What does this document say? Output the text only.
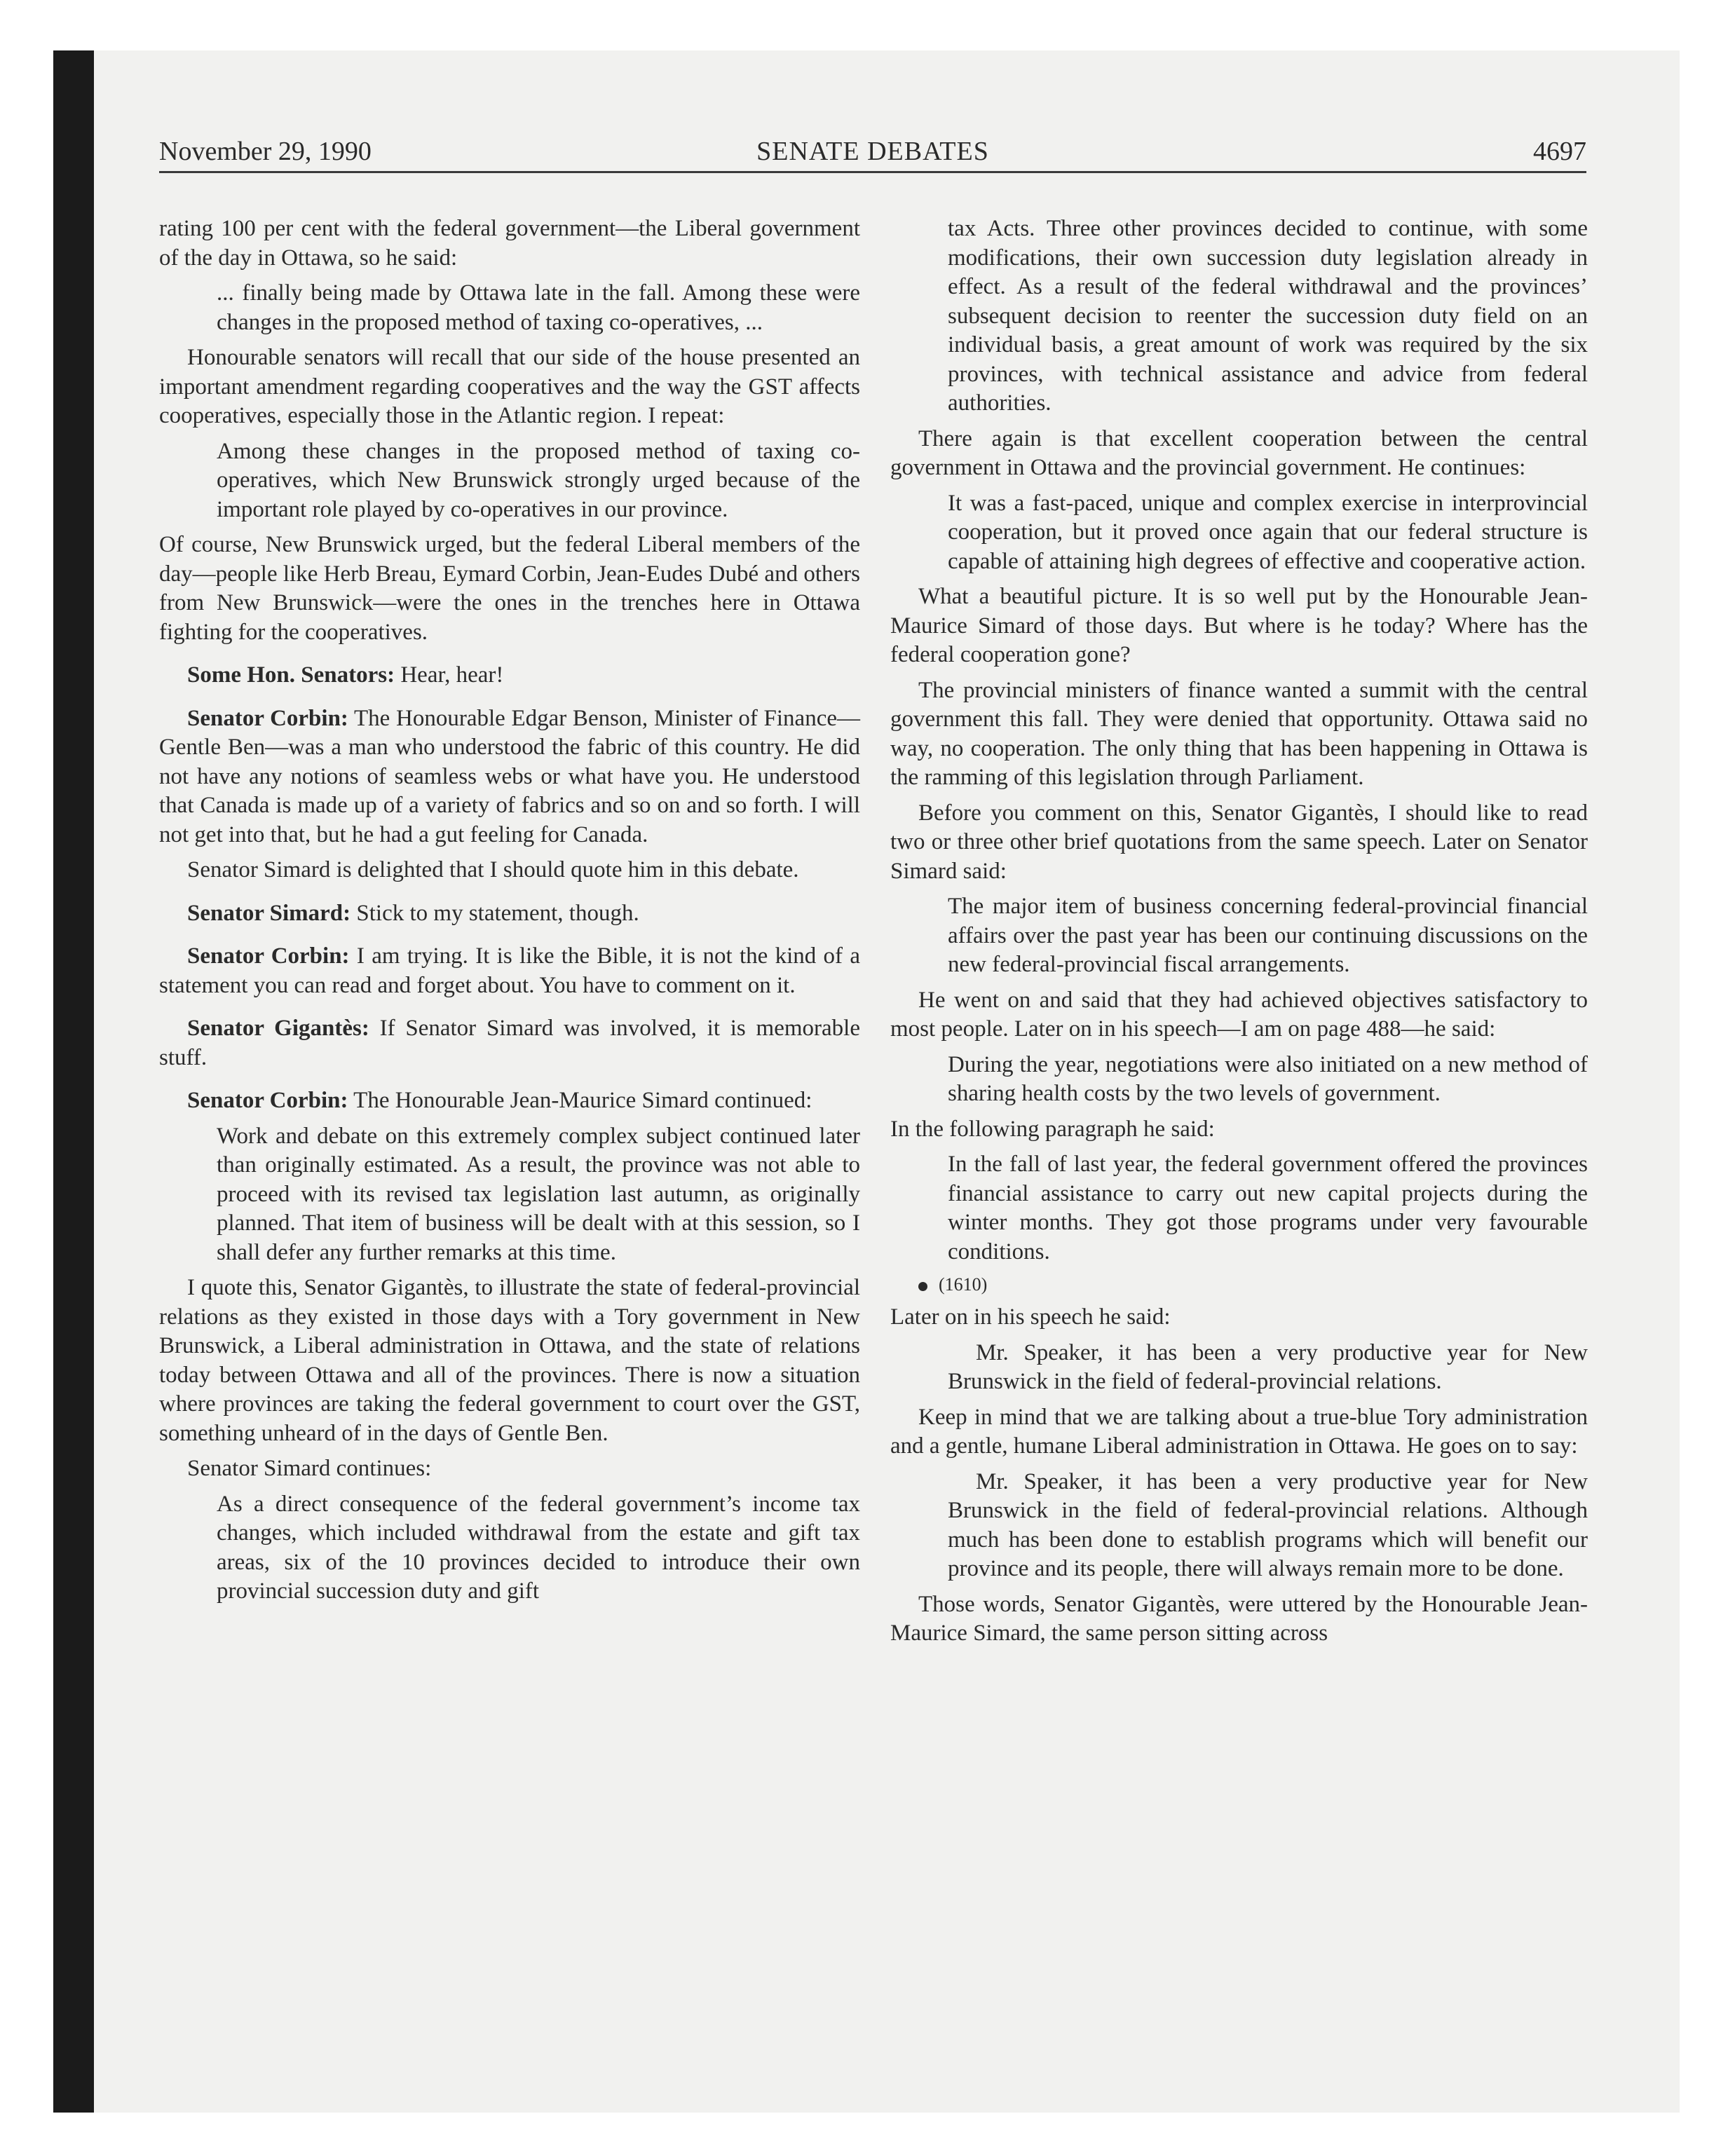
November 29, 1990	SENATE DEBATES	4697

rating 100 per cent with the federal government—the Liberal government of the day in Ottawa, so he said:

... finally being made by Ottawa late in the fall. Among these were changes in the proposed method of taxing co-operatives, ...

Honourable senators will recall that our side of the house presented an important amendment regarding cooperatives and the way the GST affects cooperatives, especially those in the Atlantic region. I repeat:

Among these changes in the proposed method of taxing co-operatives, which New Brunswick strongly urged because of the important role played by co-operatives in our province.

Of course, New Brunswick urged, but the federal Liberal members of the day—people like Herb Breau, Eymard Corbin, Jean-Eudes Dubé and others from New Brunswick—were the ones in the trenches here in Ottawa fighting for the cooperatives.

Some Hon. Senators: Hear, hear!

Senator Corbin: The Honourable Edgar Benson, Minister of Finance—Gentle Ben—was a man who understood the fabric of this country. He did not have any notions of seamless webs or what have you. He understood that Canada is made up of a variety of fabrics and so on and so forth. I will not get into that, but he had a gut feeling for Canada.

Senator Simard is delighted that I should quote him in this debate.

Senator Simard: Stick to my statement, though.

Senator Corbin: I am trying. It is like the Bible, it is not the kind of a statement you can read and forget about. You have to comment on it.

Senator Gigantès: If Senator Simard was involved, it is memorable stuff.

Senator Corbin: The Honourable Jean-Maurice Simard continued:

Work and debate on this extremely complex subject continued later than originally estimated. As a result, the province was not able to proceed with its revised tax legislation last autumn, as originally planned. That item of business will be dealt with at this session, so I shall defer any further remarks at this time.

I quote this, Senator Gigantès, to illustrate the state of federal-provincial relations as they existed in those days with a Tory government in New Brunswick, a Liberal administration in Ottawa, and the state of relations today between Ottawa and all of the provinces. There is now a situation where provinces are taking the federal government to court over the GST, something unheard of in the days of Gentle Ben.

Senator Simard continues:

As a direct consequence of the federal government’s income tax changes, which included withdrawal from the estate and gift tax areas, six of the 10 provinces decided to introduce their own provincial succession duty and gift

tax Acts. Three other provinces decided to continue, with some modifications, their own succession duty legislation already in effect. As a result of the federal withdrawal and the provinces’ subsequent decision to reenter the succession duty field on an individual basis, a great amount of work was required by the six provinces, with technical assistance and advice from federal authorities.

There again is that excellent cooperation between the central government in Ottawa and the provincial government. He continues:

It was a fast-paced, unique and complex exercise in interprovincial cooperation, but it proved once again that our federal structure is capable of attaining high degrees of effective and cooperative action.

What a beautiful picture. It is so well put by the Honourable Jean-Maurice Simard of those days. But where is he today? Where has the federal cooperation gone?

The provincial ministers of finance wanted a summit with the central government this fall. They were denied that opportunity. Ottawa said no way, no cooperation. The only thing that has been happening in Ottawa is the ramming of this legislation through Parliament.

Before you comment on this, Senator Gigantès, I should like to read two or three other brief quotations from the same speech. Later on Senator Simard said:

The major item of business concerning federal-provincial financial affairs over the past year has been our continuing discussions on the new federal-provincial fiscal arrangements.

He went on and said that they had achieved objectives satisfactory to most people. Later on in his speech—I am on page 488—he said:

During the year, negotiations were also initiated on a new method of sharing health costs by the two levels of government.

In the following paragraph he said:

In the fall of last year, the federal government offered the provinces financial assistance to carry out new capital projects during the winter months. They got those programs under very favourable conditions.

(1610)

Later on in his speech he said:

Mr. Speaker, it has been a very productive year for New Brunswick in the field of federal-provincial relations.

Keep in mind that we are talking about a true-blue Tory administration and a gentle, humane Liberal administration in Ottawa. He goes on to say:

Mr. Speaker, it has been a very productive year for New Brunswick in the field of federal-provincial relations. Although much has been done to establish programs which will benefit our province and its people, there will always remain more to be done.

Those words, Senator Gigantès, were uttered by the Honourable Jean-Maurice Simard, the same person sitting across
